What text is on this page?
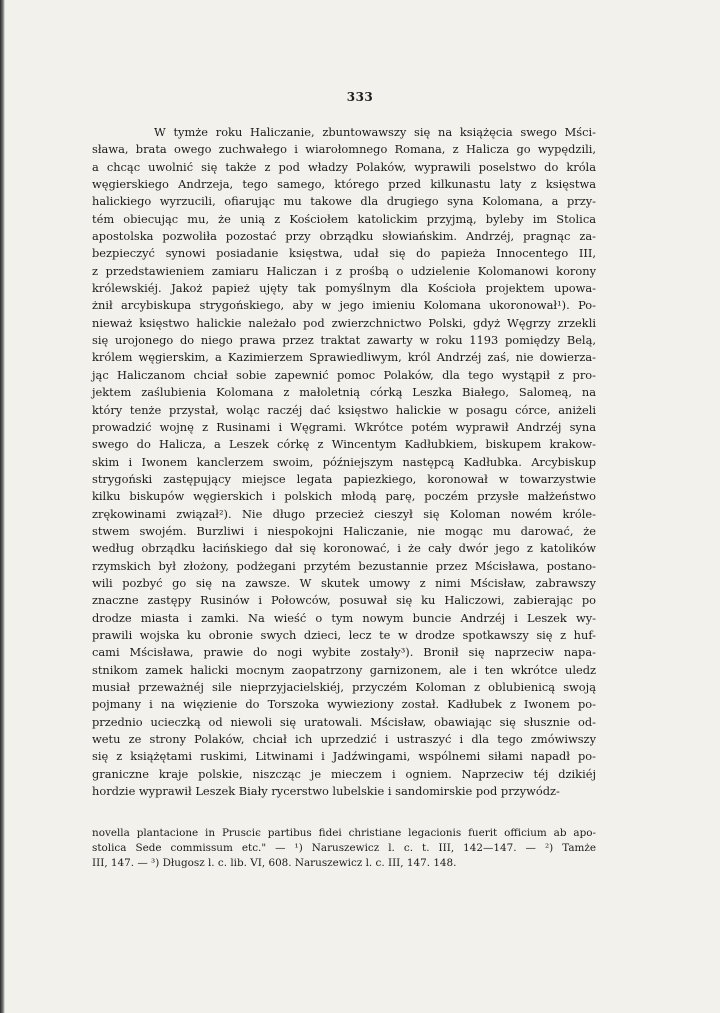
333
W tymże roku Haliczanie, zbuntowawszy się na książęcia swego Mści-
sława, brata owego zuchwałego i wiarołomnego Romana, z Halicza go wypędzili,
a chcąc uwolnić się także z pod władzy Polaków, wyprawili poselstwo do króla
węgierskiego Andrzeja, tego samego, którego przed kilkunastu laty z księstwa
halickiego wyrzucili, ofiarując mu takowe dla drugiego syna Kolomana, a przy-
tém obiecując mu, że unią z Kościołem katolickim przyjmą, byleby im Stolica
apostolska pozwoliła pozostać przy obrządku słowiańskim. Andrzéj, pragnąc za-
bezpieczyć synowi posiadanie księstwa, udał się do papieża Innocentego III,
z przedstawieniem zamiaru Haliczan i z prośbą o udzielenie Kolomanowi korony
królewskiéj. Jakoż papież ujęty tak pomyślnym dla Kościoła projektem upowa-
żnił arcybiskupa strygońskiego, aby w jego imieniu Kolomana ukoronował¹). Po-
nieważ księstwo halickie należało pod zwierzchnictwo Polski, gdyż Węgrzy zrzekli
się urojonego do niego prawa przez traktat zawarty w roku 1193 pomiędzy Belą,
królem węgierskim, a Kazimierzem Sprawiedliwym, król Andrzéj zaś, nie dowierza-
jąc Haliczanom chciał sobie zapewnić pomoc Polaków, dla tego wystąpił z pro-
jektem zaślubienia Kolomana z małoletnią córką Leszka Białego, Salomeą, na
który tenże przystał, woląc raczéj dać księstwo halickie w posagu córce, aniżeli
prowadzić wojnę z Rusinami i Węgrami. Wkrótce potém wyprawił Andrzéj syna
swego do Halicza, a Leszek córkę z Wincentym Kadłubkiem, biskupem krakow-
skim i Iwonem kanclerzem swoim, późniejszym następcą Kadłubka. Arcybiskup
strygoński zastępujący miejsce legata papiezkiego, koronował w towarzystwie
kilku biskupów węgierskich i polskich młodą parę, poczém przysłe małżeństwo
zrękowinami związał²). Nie długo przecież cieszył się Koloman nowém króle-
stwem swojém. Burzliwi i niespokojni Haliczanie, nie mogąc mu darować, że
według obrządku łacińskiego dał się koronować, i że cały dwór jego z katolików
rzymskich był złożony, podżegani przytém bezustannie przez Mścisława, postano-
wili pozbyć go się na zawsze. W skutek umowy z nimi Mścisław, zabrawszy
znaczne zastępy Rusinów i Połowców, posuwał się ku Haliczowi, zabierając po
drodze miasta i zamki. Na wieść o tym nowym buncie Andrzéj i Leszek wy-
prawili wojska ku obronie swych dzieci, lecz te w drodze spotkawszy się z huf-
cami Mścisława, prawie do nogi wybite zostały³). Bronił się naprzeciw napa-
stnikom zamek halicki mocnym zaopatrzony garnizonem, ale i ten wkrótce uledz
musiał przeważnéj sile nieprzyjacielskiéj, przyczém Koloman z oblubienicą swoją
pojmany i na więzienie do Torszoka wywieziony został. Kadłubek z Iwonem po-
przednio ucieczką od niewoli się uratowali. Mścisław, obawiając się słusznie od-
wetu ze strony Polaków, chciał ich uprzedzić i ustraszyć i dla tego zmówiwszy
się z książętami ruskimi, Litwinami i Jadźwingami, wspólnemi siłami napadł po-
graniczne kraje polskie, niszcząc je mieczem i ogniem. Naprzeciw téj dzikiéj
hordzie wyprawił Leszek Biały rycerstwo lubelskie i sandomirskie pod przywódz-
novella plantacione in Prusciє partibus fidei christiane legacionis fuerit officium ab apo-
stolica Sede commissum etc." — ¹) Naruszewicz l. c. t. III, 142—147. — ²) Tamże
III, 147. — ³) Długosz l. c. lib. VI, 608. Naruszewicz l. c. III, 147. 148.
